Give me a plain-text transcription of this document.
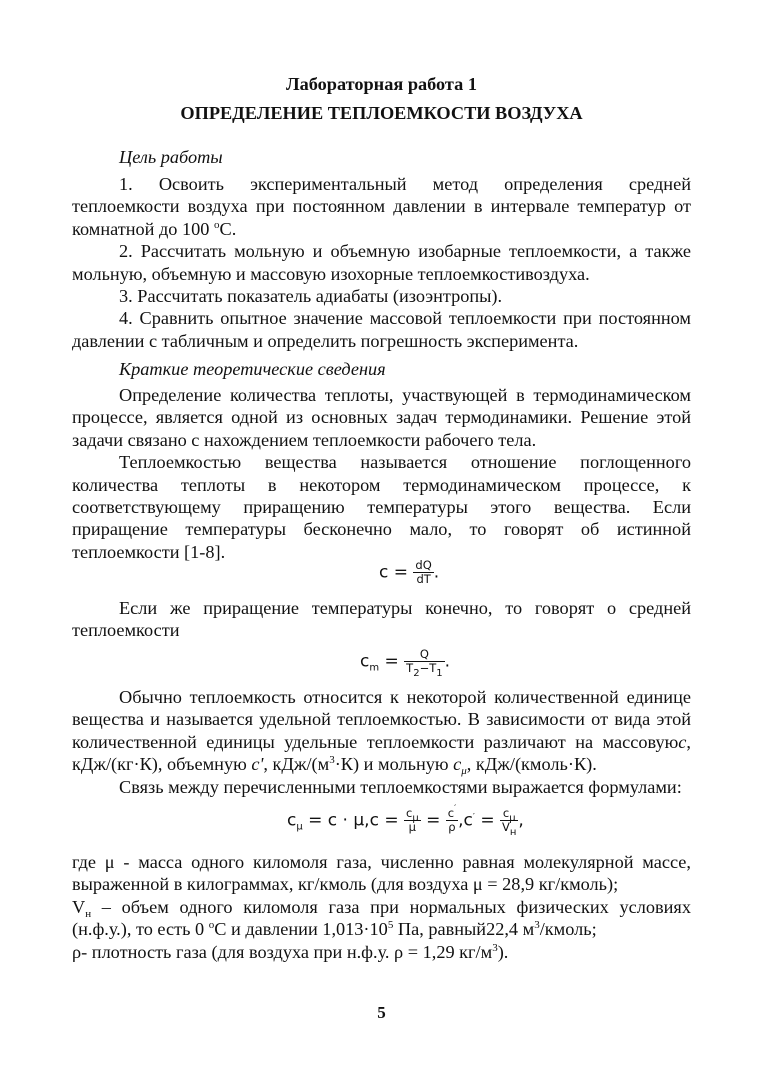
Лабораторная работа 1
ОПРЕДЕЛЕНИЕ ТЕПЛОЕМКОСТИ ВОЗДУХА
Цель работы

1. Освоить экспериментальный метод определения средней теплоемкости воздуха при постоянном давлении в интервале температур от комнатной до 100 $^o$С.

2. Рассчитать мольную и объемную изобарные теплоемкости, а также мольную, объемную и массовую изохорные теплоемкостивоздуха.

3. Рассчитать показатель адиабаты (изоэнтропы).

4. Сравнить опытное значение массовой теплоемкости при постоянном давлении с табличным и определить погрешность эксперимента.

Краткие теоретические сведения

Определение количества теплоты, участвующей в термодинамическом процессе, является одной из основных задач термодинамики. Решение этой задачи связано с нахождением теплоемкости рабочего тела.

Теплоемкостью вещества называется отношение поглощенного количества теплоты в некотором термодинамическом процессе, к соответствующему приращению температуры этого вещества. Если приращение температуры бесконечно мало, то говорят об истинной теплоемкости [1-8].

$c = \frac{dQ}{dT}$ .

Если же приращение температуры конечно, то говорят о средней теплоемкости

$c_m = \frac{Q}{T2-T1}$ .

Обычно теплоемкость относится к некоторой количественной единице вещества и называется удельной теплоемкостью. В зависимости от вида этой количественной единицы удельные теплоемкости различают на массовуюc, кДж/(кг·К), объемную c', кДж/$(м^3\cdot К)$ и мольную $c_\mu$, кДж/(кмоль·К).

Связь между перечисленными теплоемкостями выражается формулами:

$c_\mu = c \cdot \mu,c = \frac{c\mu}{\mu} = \frac{c'}{\rho} ,c' = \frac{c\mu}{Vн}$ ,

где μ - масса одного киломоля газа, численно равная молекулярной массе, выраженной в килограммах, кг/кмоль (для воздуха μ = 28,9 кг/кмоль);

$V_н$ – объем одного киломоля газа при нормальных физических условиях (н.ф.у.), то есть 0 $^o$С и давлении $1,013\cdot 10^5$ Па, равный22,4 $м^3$/кмоль;

ρ- плотность газа (для воздуха при н.ф.у. ρ = 1,29 $кг/м^3$).

5
